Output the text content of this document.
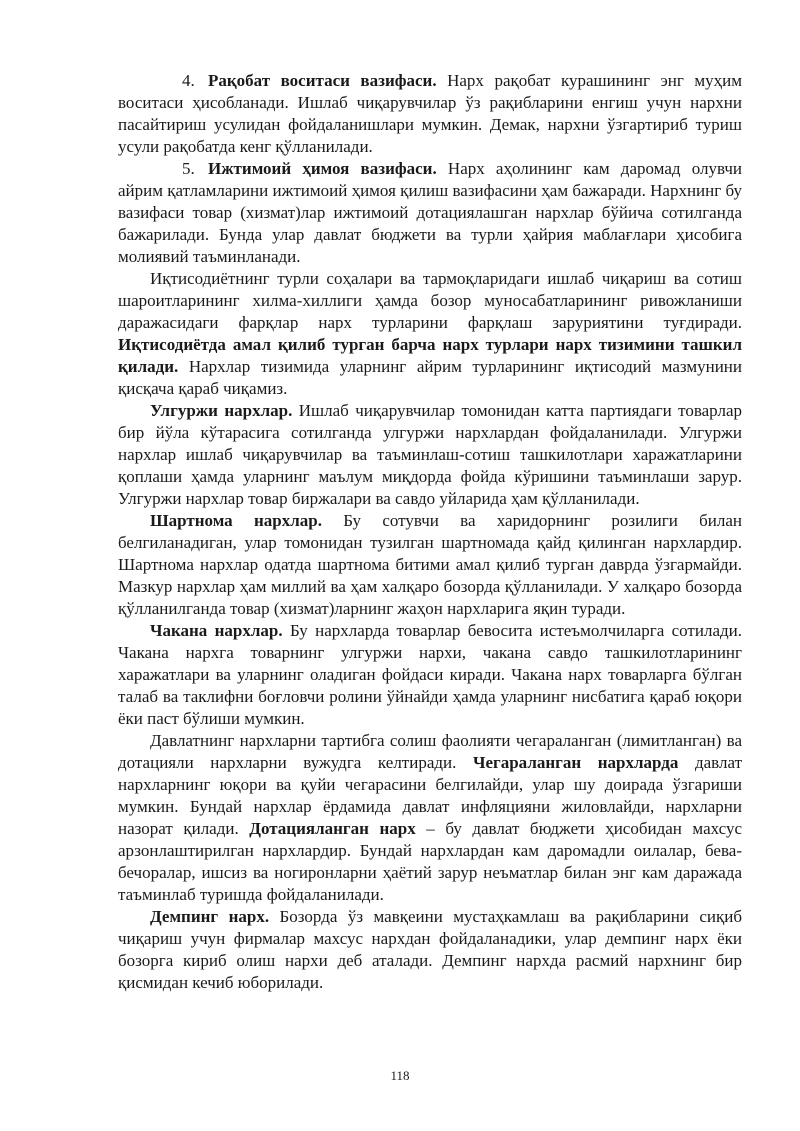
4. Рақобат воситаси вазифаси. Нарх рақобат курашининг энг муҳим воситаси ҳисобланади. Ишлаб чиқарувчилар ўз рақибларини енгиш учун нархни пасайтириш усулидан фойдаланишлари мумкин. Демак, нархни ўзгартириб туриш усули рақобатда кенг қўлланилади.

5. Ижтимоий ҳимоя вазифаси. Нарх аҳолининг кам даромад олувчи айрим қатламларини ижтимоий ҳимоя қилиш вазифасини ҳам бажаради. Нархнинг бу вазифаси товар (хизмат)лар ижтимоий дотациялашган нархлар бўйича сотилганда бажарилади. Бунда улар давлат бюджети ва турли ҳайрия маблағлари ҳисобига молиявий таъминланади.

Иқтисодиётнинг турли соҳалари ва тармоқларидаги ишлаб чиқариш ва сотиш шароитларининг хилма-хиллиги ҳамда бозор муносабатларининг ривожланиши даражасидаги фарқлар нарх турларини фарқлаш заруриятини туғдиради. Иқтисодиётда амал қилиб турган барча нарх турлари нарх тизимини ташкил қилади. Нархлар тизимида уларнинг айрим турларининг иқтисодий мазмунини қисқача қараб чиқамиз.

Улгуржи нархлар. Ишлаб чиқарувчилар томонидан катта партиядаги товарлар бир йўла кўтарасига сотилганда улгуржи нархлардан фойдаланилади. Улгуржи нархлар ишлаб чиқарувчилар ва таъминлаш-сотиш ташкилотлари харажатларини қоплаши ҳамда уларнинг маълум миқдорда фойда кўришини таъминлаши зарур. Улгуржи нархлар товар биржалари ва савдо уйларида ҳам қўлланилади.

Шартнома нархлар. Бу сотувчи ва харидорнинг розилиги билан белгиланадиган, улар томонидан тузилган шартномада қайд қилинган нархлардир. Шартнома нархлар одатда шартнома битими амал қилиб турган даврда ўзгармайди. Мазкур нархлар ҳам миллий ва ҳам халқаро бозорда қўлланилади. У халқаро бозорда қўлланилганда товар (хизмат)ларнинг жаҳон нархларига яқин туради.

Чакана нархлар. Бу нархларда товарлар бевосита истеъмолчиларга сотилади. Чакана нархга товарнинг улгуржи нархи, чакана савдо ташкилотларининг харажатлари ва уларнинг оладиган фойдаси киради. Чакана нарх товарларга бўлган талаб ва таклифни боғловчи ролини ўйнайди ҳамда уларнинг нисбатига қараб юқори ёки паст бўлиши мумкин.

Давлатнинг нархларни тартибга солиш фаолияти чегараланган (лимитланган) ва дотацияли нархларни вужудга келтиради. Чегараланган нархларда давлат нархларнинг юқори ва қуйи чегарасини белгилайди, улар шу доирада ўзгариши мумкин. Бундай нархлар ёрдамида давлат инфляцияни жиловлайди, нархларни назорат қилади. Дотацияланган нарх – бу давлат бюджети ҳисобидан махсус арзонлаштирилган нархлардир. Бундай нархлардан кам даромадли оилалар, бева-бечоралар, ишсиз ва ногиронларни ҳаётий зарур неъматлар билан энг кам даражада таъминлаб туришда фойдаланилади.

Демпинг нарх. Бозорда ўз мавқеини мустаҳкамлаш ва рақибларини сиқиб чиқариш учун фирмалар махсус нархдан фойдаланадики, улар демпинг нарх ёки бозорга кириб олиш нархи деб аталади. Демпинг нархда расмий нархнинг бир қисмидан кечиб юборилади.

118
